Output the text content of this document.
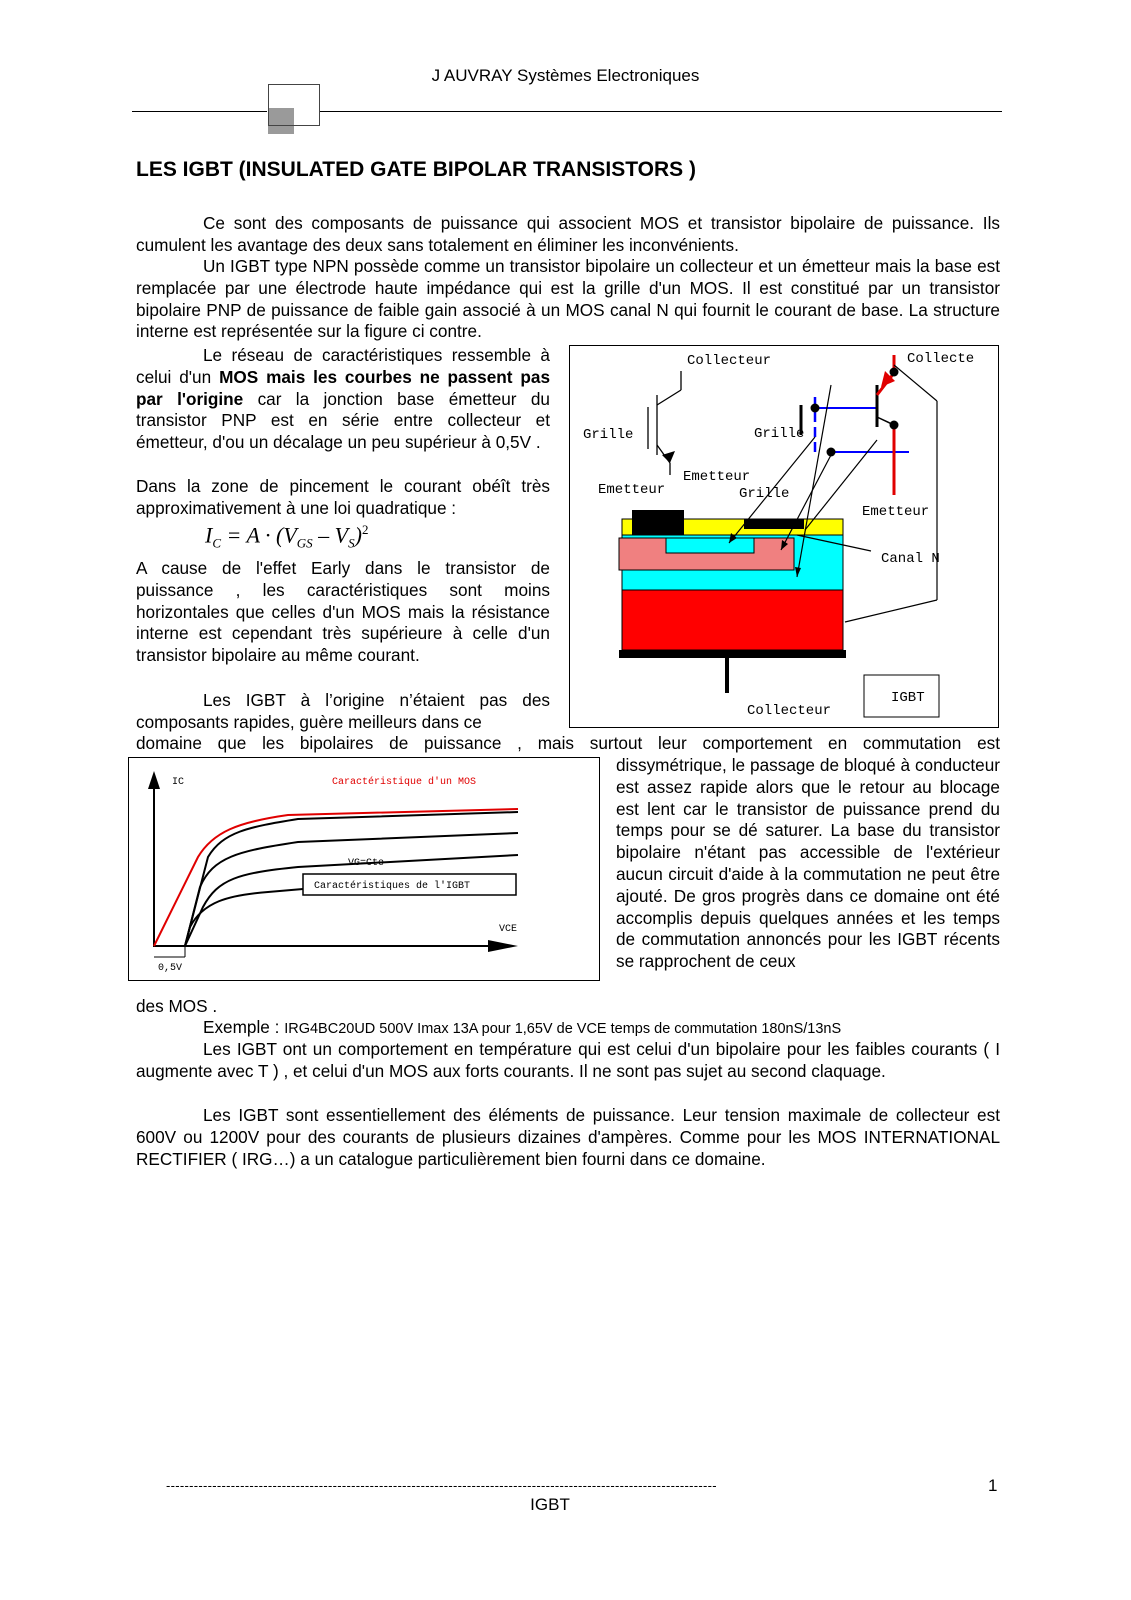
J AUVRAY Systèmes Electroniques
LES IGBT (INSULATED GATE BIPOLAR TRANSISTORS )

Ce sont des composants de puissance qui associent MOS et transistor bipolaire de puissance. Ils cumulent les avantage des deux sans totalement en éliminer les inconvénients.

Un IGBT type NPN possède comme un transistor bipolaire un collecteur et un émetteur mais la base est remplacée par une électrode haute impédance qui est la grille d'un MOS. Il est constitué par un transistor bipolaire PNP de puissance de faible gain associé à un MOS canal N qui fournit le courant de base. La structure interne est représentée sur la figure ci contre.

Le réseau de caractéristiques ressemble à celui d'un MOS mais les courbes ne passent pas par l'origine car la jonction base émetteur du transistor PNP est en série entre collecteur et émetteur, d'ou un décalage un peu supérieur à 0,5V .

Dans la zone de pincement le courant obéît très approximativement à une loi quadratique :

$I_C = A \cdot (V_{GS} - V_S)^2$

A cause de l'effet Early dans le transistor de puissance , les caractéristiques sont moins horizontales que celles d'un MOS mais la résistance interne est cependant très supérieure à celle d'un transistor bipolaire au même courant.

Les IGBT à l’origine n’étaient pas des composants rapides, guère meilleurs dans ce

domaine que les bipolaires de puissance , mais surtout leur comportement en commutation est

dissymétrique, le passage de bloqué à conducteur est assez rapide alors que le retour au blocage est lent car le transistor de puissance prend du temps pour se dé saturer. La base du transistor bipolaire n'étant pas accessible de l'extérieur aucun circuit d'aide à la commutation ne peut être ajouté. De gros progrès dans ce domaine ont été accomplis depuis quelques années et les temps de commutation annoncés pour les IGBT récents se rapprochent de ceux

des MOS .

Exemple : IRG4BC20UD 500V Imax 13A pour 1,65V de VCE temps de commutation 180nS/13nS

Les IGBT ont un comportement en température qui est celui d'un bipolaire pour les faibles courants ( I augmente avec T ) , et celui d'un MOS aux forts courants. Il ne sont pas sujet au second claquage.

Les IGBT sont essentiellement des éléments de puissance. Leur tension maximale de collecteur est 600V ou 1200V pour des courants de plusieurs dizaines d'ampères. Comme pour les MOS INTERNATIONAL RECTIFIER ( IRG…) a un catalogue particulièrement bien fourni dans ce domaine.

Collecteur	Collecte
Grille	Grille
Emetteur
Emetteur
Grille
Emetteur
Canal N
IGBT
Collecteur
IC
VCE
Caractéristique d'un MOS
VG=Cte
Caractéristiques de l'IGBT
0,5V
-----------------------------------------------------------------------------------------------------------------------	1
IGBT
